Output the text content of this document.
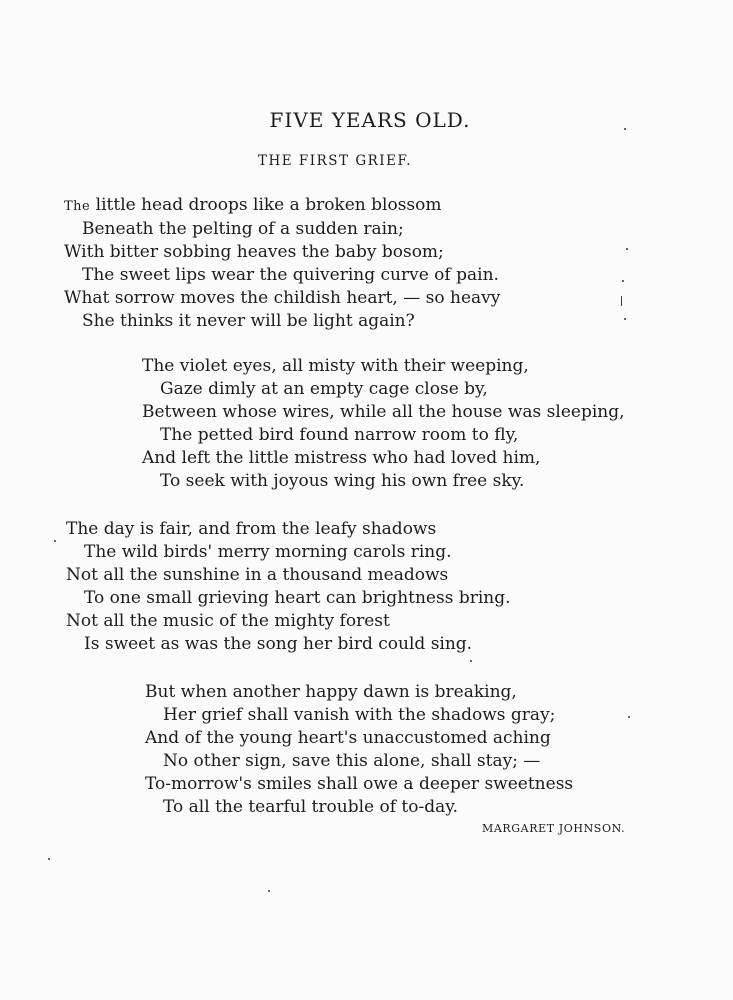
FIVE YEARS OLD.
THE FIRST GRIEF.
The little head droops like a broken blossom
Beneath the pelting of a sudden rain;
With bitter sobbing heaves the baby bosom;
The sweet lips wear the quivering curve of pain.
What sorrow moves the childish heart, — so heavy
She thinks it never will be light again?
The violet eyes, all misty with their weeping,
Gaze dimly at an empty cage close by,
Between whose wires, while all the house was sleeping,
The petted bird found narrow room to fly,
And left the little mistress who had loved him,
To seek with joyous wing his own free sky.
The day is fair, and from the leafy shadows
The wild birds' merry morning carols ring.
Not all the sunshine in a thousand meadows
To one small grieving heart can brightness bring.
Not all the music of the mighty forest
Is sweet as was the song her bird could sing.
But when another happy dawn is breaking,
Her grief shall vanish with the shadows gray;
And of the young heart's unaccustomed aching
No other sign, save this alone, shall stay; —
To-morrow's smiles shall owe a deeper sweetness
To all the tearful trouble of to-day.
MARGARET JOHNSON.
